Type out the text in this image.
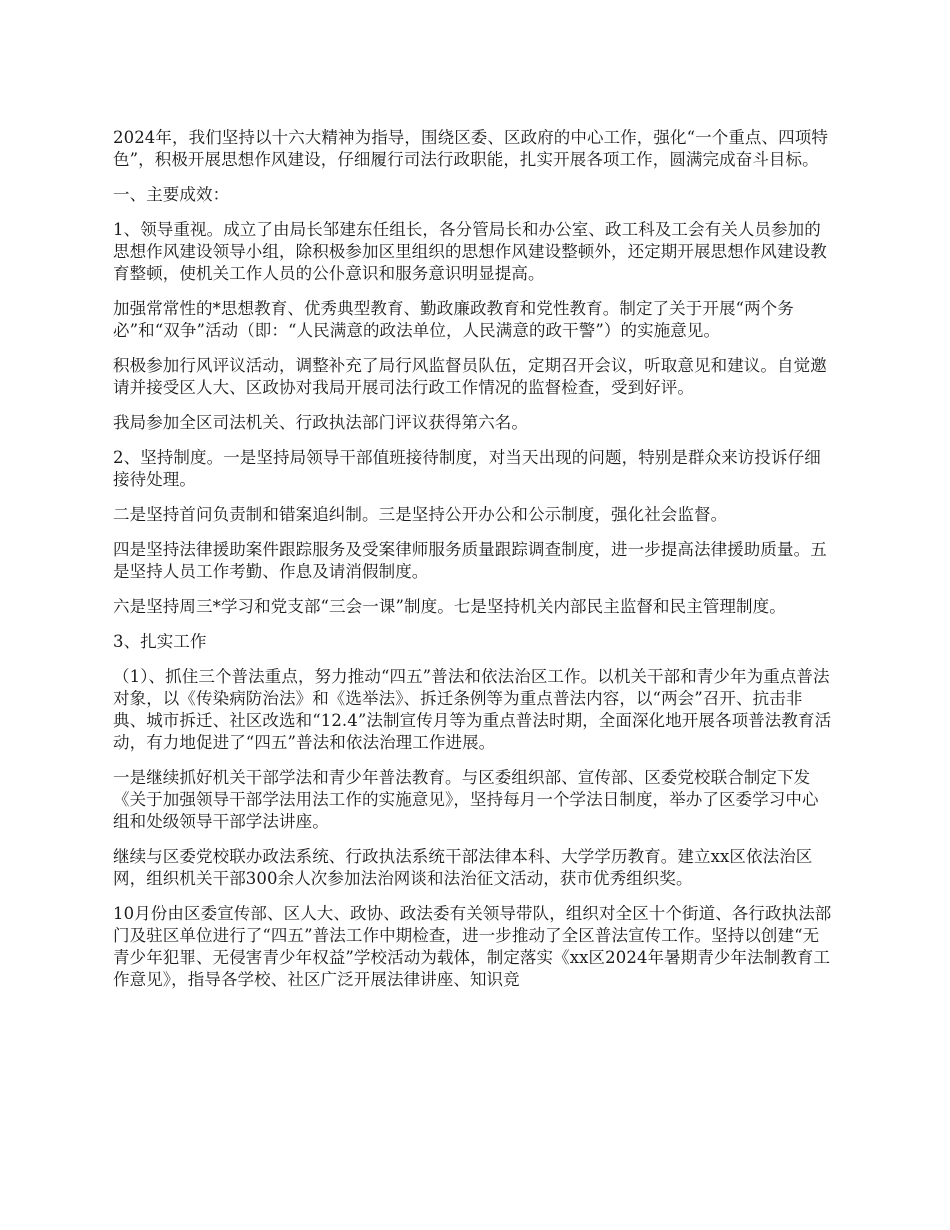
2024年，我们坚持以十六大精神为指导，围绕区委、区政府的中心工作，强化“一个重点、四项特色”，积极开展思想作风建设，仔细履行司法行政职能，扎实开展各项工作，圆满完成奋斗目标。

一、主要成效：

1、领导重视。成立了由局长邹建东任组长，各分管局长和办公室、政工科及工会有关人员参加的思想作风建设领导小组，除积极参加区里组织的思想作风建设整顿外，还定期开展思想作风建设教育整顿，使机关工作人员的公仆意识和服务意识明显提高。

加强常常性的*思想教育、优秀典型教育、勤政廉政教育和党性教育。制定了关于开展“两个务必”和“双争”活动（即：“人民满意的政法单位，人民满意的政干警”）的实施意见。

积极参加行风评议活动，调整补充了局行风监督员队伍，定期召开会议，听取意见和建议。自觉邀请并接受区人大、区政协对我局开展司法行政工作情况的监督检查，受到好评。

我局参加全区司法机关、行政执法部门评议获得第六名。

2、坚持制度。一是坚持局领导干部值班接待制度，对当天出现的问题，特别是群众来访投诉仔细接待处理。

二是坚持首问负责制和错案追纠制。三是坚持公开办公和公示制度，强化社会监督。

四是坚持法律援助案件跟踪服务及受案律师服务质量跟踪调查制度，进一步提高法律援助质量。五是坚持人员工作考勤、作息及请消假制度。

六是坚持周三*学习和党支部“三会一课”制度。七是坚持机关内部民主监督和民主管理制度。

3、扎实工作

（1）、抓住三个普法重点，努力推动“四五”普法和依法治区工作。以机关干部和青少年为重点普法对象，以《传染病防治法》和《选举法》、拆迁条例等为重点普法内容，以“两会”召开、抗击非典、城市拆迁、社区改选和“12.4”法制宣传月等为重点普法时期，全面深化地开展各项普法教育活动，有力地促进了“四五”普法和依法治理工作进展。

一是继续抓好机关干部学法和青少年普法教育。与区委组织部、宣传部、区委党校联合制定下发《关于加强领导干部学法用法工作的实施意见》，坚持每月一个学法日制度，举办了区委学习中心组和处级领导干部学法讲座。

继续与区委党校联办政法系统、行政执法系统干部法律本科、大学学历教育。建立xx区依法治区网，组织机关干部300余人次参加法治网谈和法治征文活动，获市优秀组织奖。

10月份由区委宣传部、区人大、政协、政法委有关领导带队，组织对全区十个街道、各行政执法部门及驻区单位进行了“四五”普法工作中期检查，进一步推动了全区普法宣传工作。坚持以创建“无青少年犯罪、无侵害青少年权益”学校活动为载体，制定落实《xx区2024年暑期青少年法制教育工作意见》，指导各学校、社区广泛开展法律讲座、知识竞
